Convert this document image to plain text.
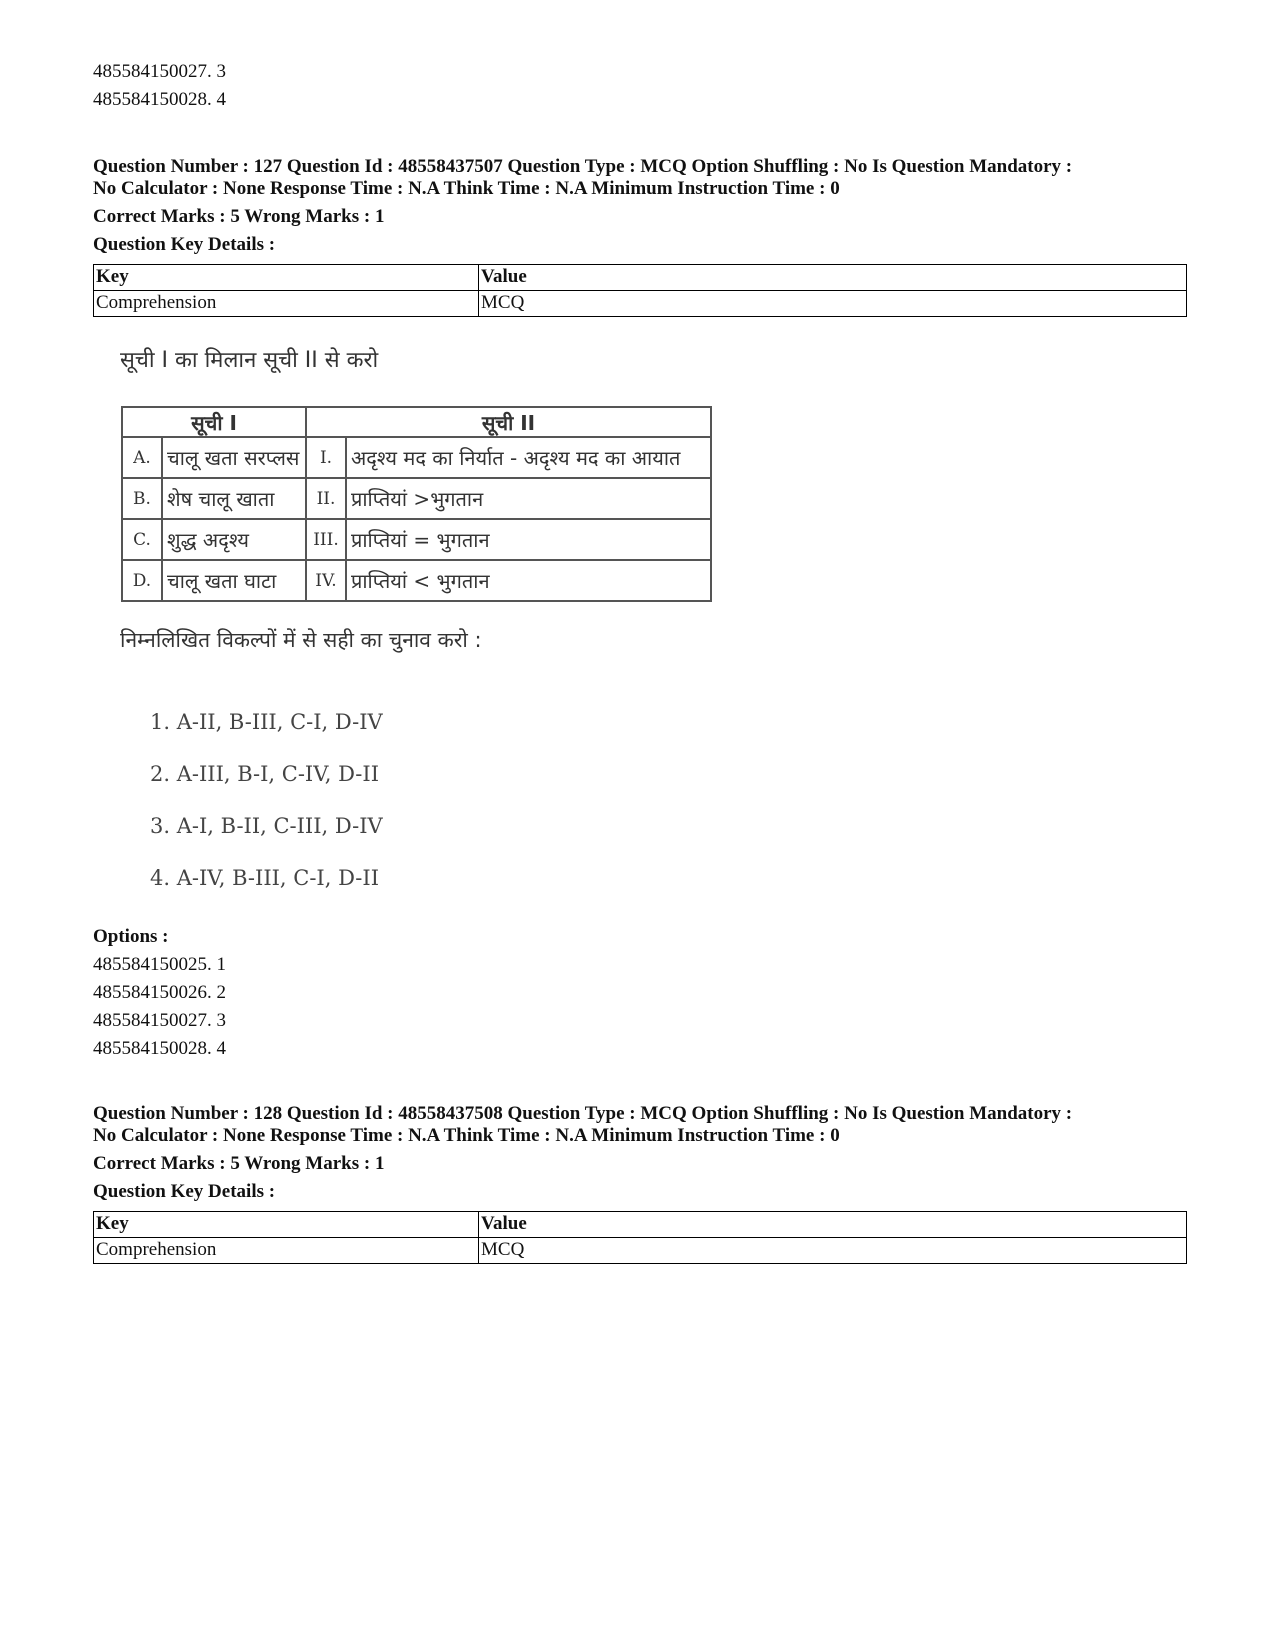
485584150027. 3
485584150028. 4
Question Number : 127 Question Id : 48558437507 Question Type : MCQ Option Shuffling : No Is Question Mandatory :
No Calculator : None Response Time : N.A Think Time : N.A Minimum Instruction Time : 0
Correct Marks : 5 Wrong Marks : 1
Question Key Details :
Key	Value
Comprehension	MCQ
सूची I का मिलान सूची II से करो
सूची I		सूची II	
A.	चालू खता सरप्लस	I.	अदृश्य मद का निर्यात - अदृश्य मद का आयात
B.	शेष चालू खाता	II.	प्राप्तियां >भुगतान
C.	शुद्ध अदृश्य	III.	प्राप्तियां = भुगतान
D.	चालू खता घाटा	IV.	प्राप्तियां < भुगतान
निम्नलिखित विकल्पों में से सही का चुनाव करो :
1. A-II, B-III, C-I, D-IV
2. A-III, B-I, C-IV, D-II
3. A-I, B-II, C-III, D-IV
4. A-IV, B-III, C-I, D-II
Options :
485584150025. 1
485584150026. 2
485584150027. 3
485584150028. 4
Question Number : 128 Question Id : 48558437508 Question Type : MCQ Option Shuffling : No Is Question Mandatory :
No Calculator : None Response Time : N.A Think Time : N.A Minimum Instruction Time : 0
Correct Marks : 5 Wrong Marks : 1
Question Key Details :
Key	Value
Comprehension	MCQ
